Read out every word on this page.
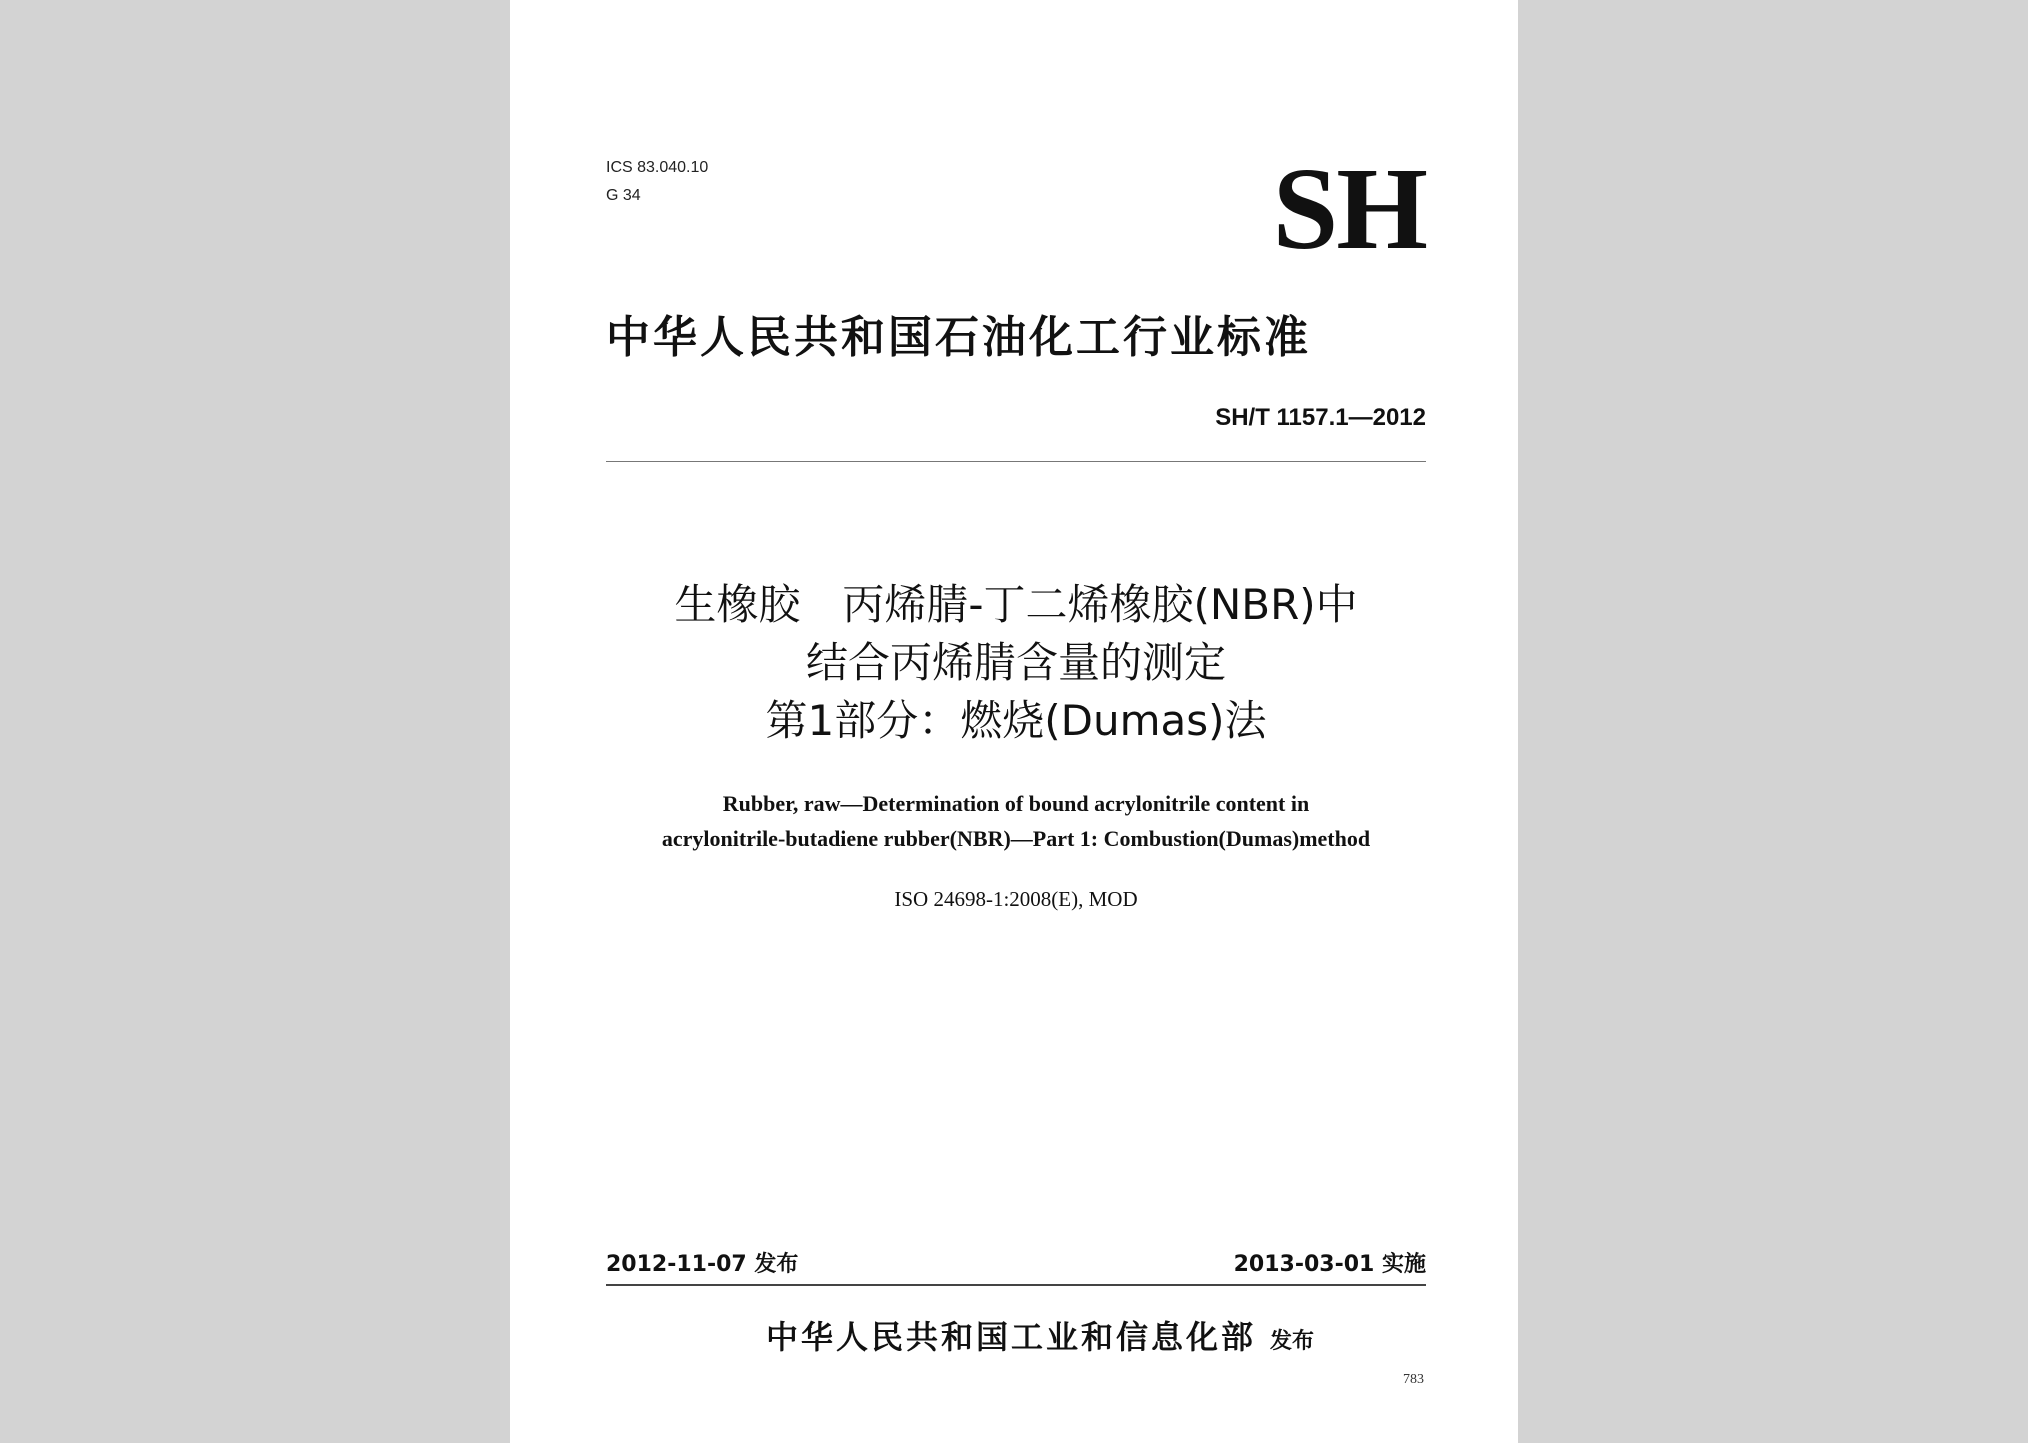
ICS 83.040.10
G 34	SH
中华人民共和国石油化工行业标准
SH/T 1157.1—2012
生橡胶　丙烯腈-丁二烯橡胶(NBR)中
结合丙烯腈含量的测定
第1部分：燃烧(Dumas)法
Rubber, raw—Determination of bound acrylonitrile content in
acrylonitrile-butadiene rubber(NBR)—Part 1: Combustion(Dumas)method
ISO 24698-1:2008(E), MOD
2012-11-07 发布	2013-03-01 实施
中华人民共和国工业和信息化部 发布
783
